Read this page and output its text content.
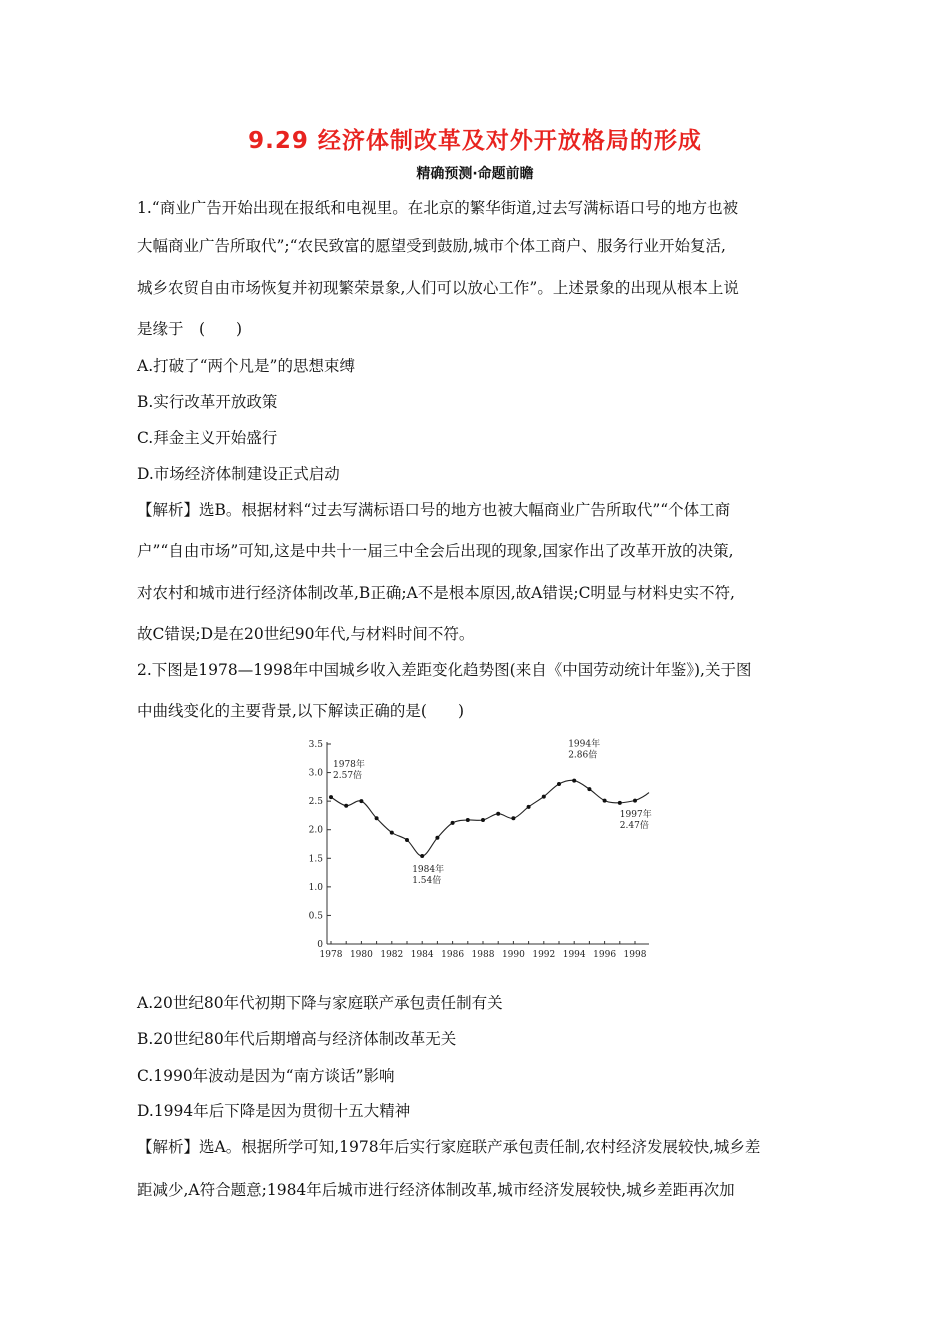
9.29 经济体制改革及对外开放格局的形成
精确预测·命题前瞻
1.“商业广告开始出现在报纸和电视里。在北京的繁华街道,过去写满标语口号的地方也被
大幅商业广告所取代”;“农民致富的愿望受到鼓励,城市个体工商户、服务行业开始复活,
城乡农贸自由市场恢复并初现繁荣景象,人们可以放心工作”。上述景象的出现从根本上说
是缘于　(　　)
A.打破了“两个凡是”的思想束缚
B.实行改革开放政策
C.拜金主义开始盛行
D.市场经济体制建设正式启动
【解析】选B。根据材料“过去写满标语口号的地方也被大幅商业广告所取代”“个体工商
户”“自由市场”可知,这是中共十一届三中全会后出现的现象,国家作出了改革开放的决策,
对农村和城市进行经济体制改革,B正确;A不是根本原因,故A错误;C明显与材料史实不符,
故C错误;D是在20世纪90年代,与材料时间不符。
2.下图是1978—1998年中国城乡收入差距变化趋势图(来自《中国劳动统计年鉴》),关于图
中曲线变化的主要背景,以下解读正确的是(　　)
0
0.5
1.0
1.5
2.0
2.5
3.0
3.5
1978 1980 1982 1984 1986 1988 1990 1992 1994 1996 1998
1978年
2.57倍
1984年
1.54倍
1994年
2.86倍
1997年
2.47倍
A.20世纪80年代初期下降与家庭联产承包责任制有关
B.20世纪80年代后期增高与经济体制改革无关
C.1990年波动是因为“南方谈话”影响
D.1994年后下降是因为贯彻十五大精神
【解析】选A。根据所学可知,1978年后实行家庭联产承包责任制,农村经济发展较快,城乡差
距减少,A符合题意;1984年后城市进行经济体制改革,城市经济发展较快,城乡差距再次加
